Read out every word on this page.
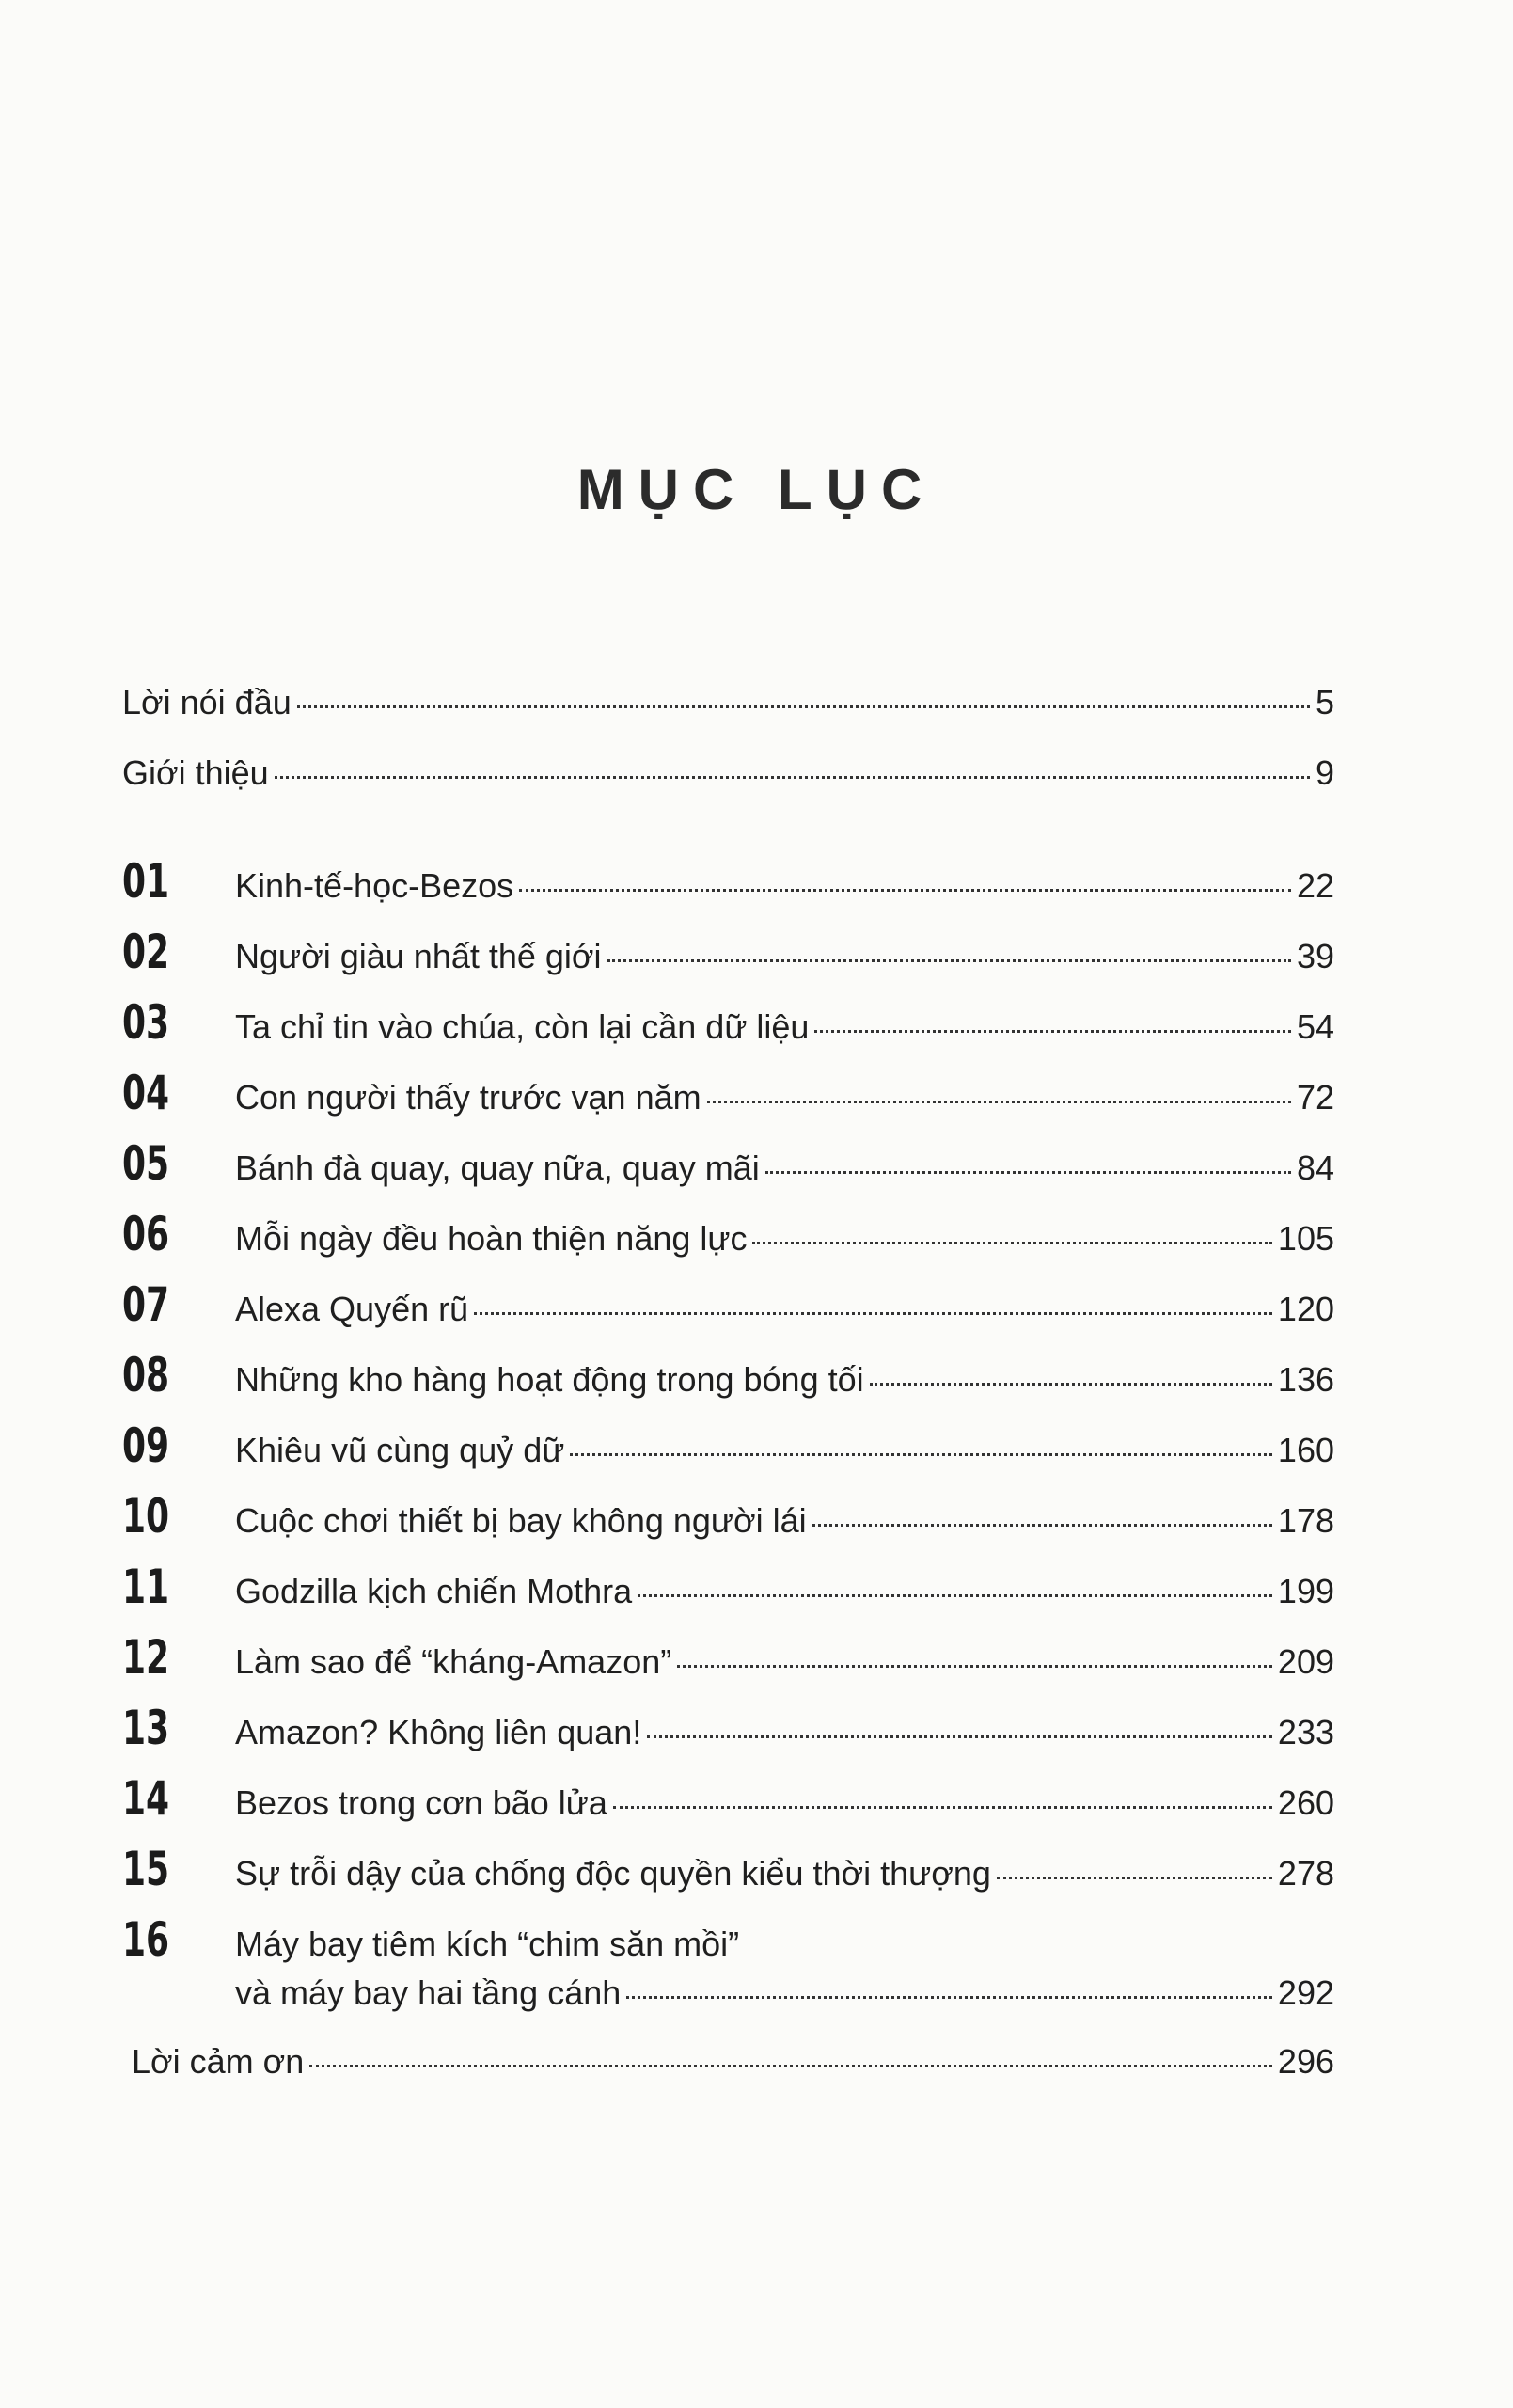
MỤC LỤC
Lời nói đầu	5
Giới thiệu	9
01	Kinh-tế-học-Bezos	22
02	Người giàu nhất thế giới	39
03	Ta chỉ tin vào chúa, còn lại cần dữ liệu	54
04	Con người thấy trước vạn năm	72
05	Bánh đà quay, quay nữa, quay mãi	84
06	Mỗi ngày đều hoàn thiện năng lực	105
07	Alexa Quyến rũ	120
08	Những kho hàng hoạt động trong bóng tối	136
09	Khiêu vũ cùng quỷ dữ	160
10	Cuộc chơi thiết bị bay không người lái	178
11	Godzilla kịch chiến Mothra	199
12	Làm sao để “kháng-Amazon”	209
13	Amazon? Không liên quan!	233
14	Bezos trong cơn bão lửa	260
15	Sự trỗi dậy của chống độc quyền kiểu thời thượng	278
16	Máy bay tiêm kích “chim săn mồi”
và máy bay hai tầng cánh	292
Lời cảm ơn	296
